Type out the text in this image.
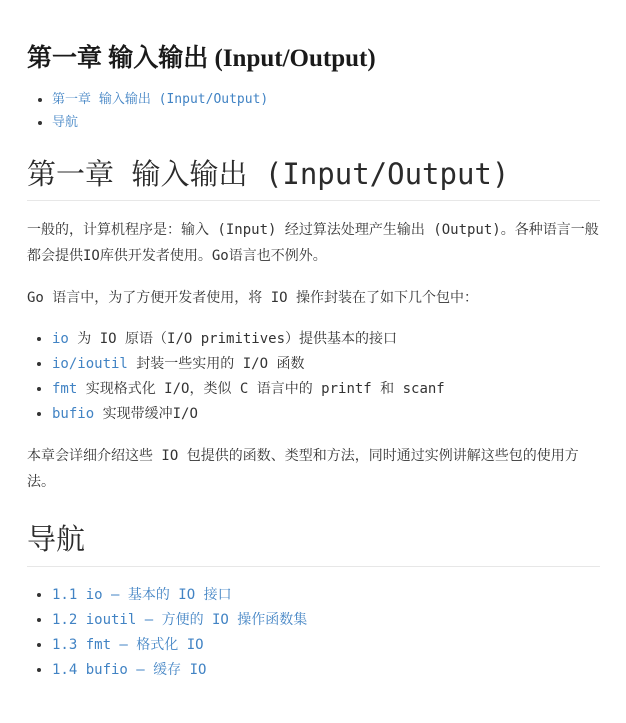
第一章 输入输出 (Input/Output)
• 第一章 输入输出 (Input/Output)
• 导航
第一章 输入输出 (Input/Output)

一般的，计算机程序是：输入 (Input) 经过算法处理产生输出 (Output)。各种语言一般都会提供IO库供开发者使用。Go语言也不例外。

Go 语言中，为了方便开发者使用，将 IO 操作封装在了如下几个包中：

• io 为 IO 原语（I/O primitives）提供基本的接口
• io/ioutil 封装一些实用的 I/O 函数
• fmt 实现格式化 I/O，类似 C 语言中的 printf 和 scanf
• bufio 实现带缓冲I/O

本章会详细介绍这些 IO 包提供的函数、类型和方法，同时通过实例讲解这些包的使用方法。

导航
• 1.1 io — 基本的 IO 接口
• 1.2 ioutil — 方便的 IO 操作函数集
• 1.3 fmt — 格式化 IO
• 1.4 bufio — 缓存 IO
